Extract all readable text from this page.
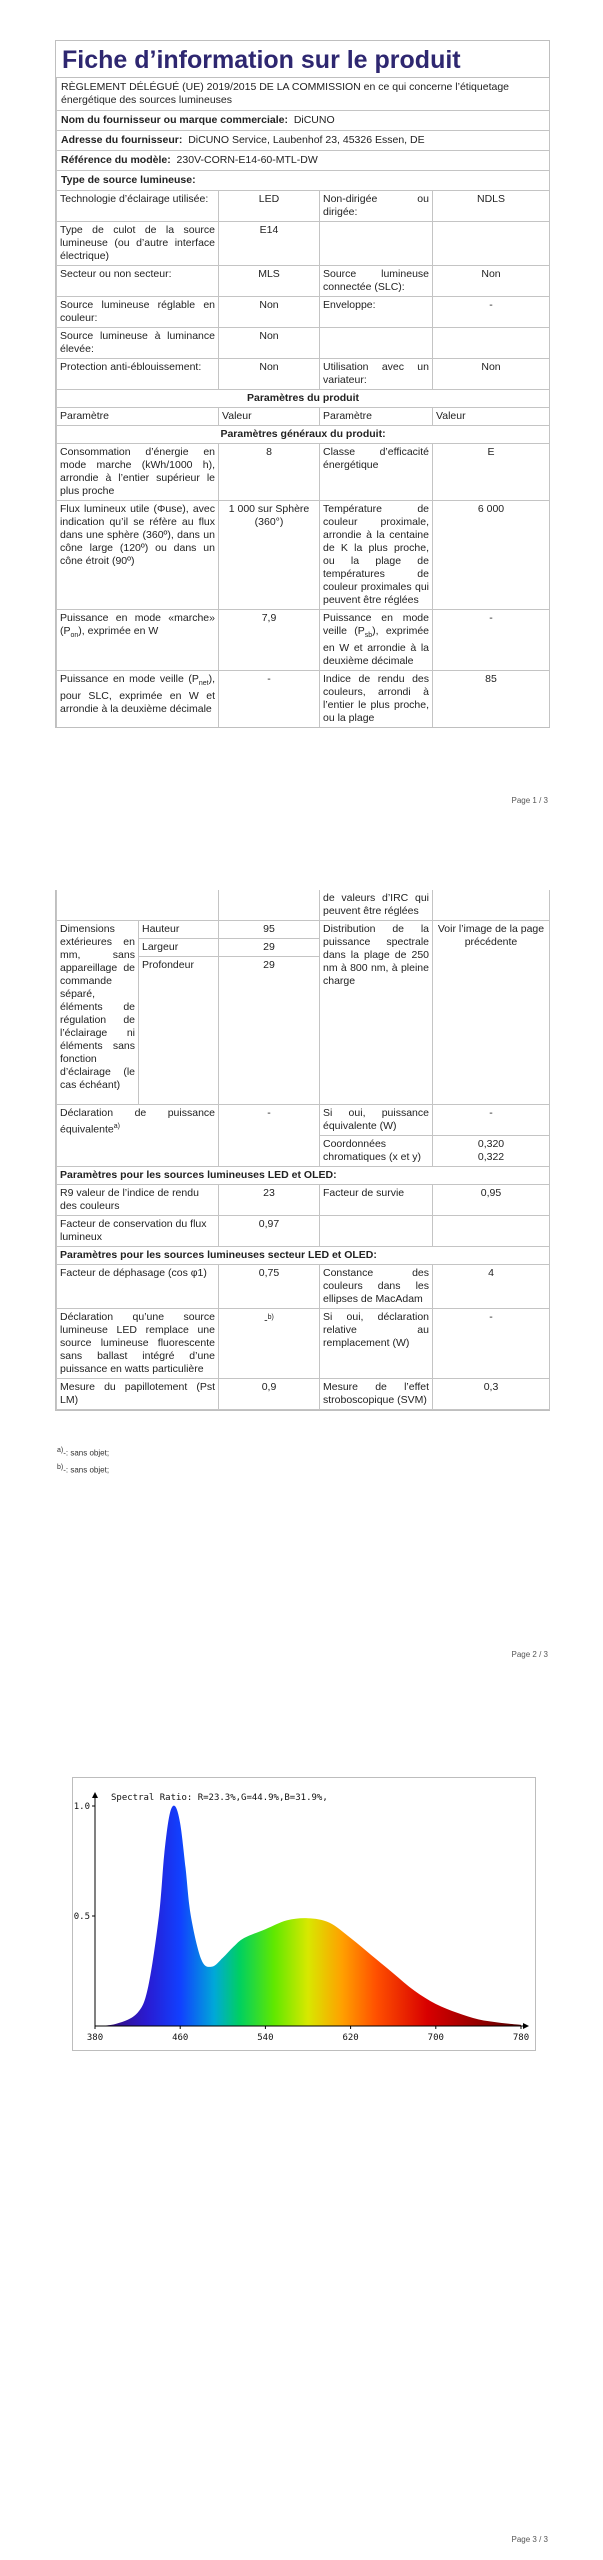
Fiche d’information sur le produit
RÈGLEMENT DÉLÉGUÉ (UE) 2019/2015 DE LA COMMISSION en ce qui concerne l’étiquetage énergétique des sources lumineuses			
Nom du fournisseur ou marque commerciale: DiCUNO			
Adresse du fournisseur: DiCUNO Service, Laubenhof 23, 45326 Essen, DE			
Référence du modèle: 230V-CORN-E14-60-MTL-DW			
Type de source lumineuse:			
Technologie d’éclairage utilisée:	LED	Non-dirigée ou dirigée:	NDLS
Type de culot de la source lumineuse (ou d’autre interface électrique)	E14		
Secteur ou non secteur:	MLS	Source lumineuse connectée (SLC):	Non
Source lumineuse réglable en couleur:	Non	Enveloppe:	-
Source lumineuse à luminance élevée:	Non		
Protection anti-éblouissement:	Non	Utilisation avec un variateur:	Non
Paramètres du produit			
Paramètre	Valeur	Paramètre	Valeur
Paramètres généraux du produit:			
Consommation d’énergie en mode marche (kWh/1000 h), arrondie à l’entier supérieur le plus proche	8	Classe d’efficacité énergétique	E
Flux lumineux utile (Φuse), avec indication qu’il se réfère au flux dans une sphère (360º), dans un cône large (120º) ou dans un cône étroit (90º)	1 000 sur Sphère (360°)	Température de couleur proximale, arrondie à la centaine de K la plus proche, ou la plage de températures de couleur proximales qui peuvent être réglées	6 000
Puissance en mode «marche» $(P_{on})$, exprimée en W	7,9	Puissance en mode veille $(P_{sb})$, exprimée en W et arrondie à la deuxième décimale	-
Puissance en mode veille $(P_{net})$, pour SLC, exprimée en W et arrondie à la deuxième décimale	-	Indice de rendu des couleurs, arrondi à l’entier le plus proche, ou la plage	85
Page 1 / 3
			de valeurs d’IRC qui peuvent être réglées	
Dimensions extérieures en mm, sans appareillage de commande séparé, éléments de régulation de l’éclairage ni éléments sans fonction d’éclairage (le cas échéant)	Hauteur	95	Distribution de la puissance spectrale dans la plage de 250 nm à 800 nm, à pleine charge	Voir l’image de la page précédente
	Largeur	29		
	Profondeur	29		
Déclaration de puissance équivalente$^{a)}$		-	Si oui, puissance équivalente (W)	-
			Coordonnées chromatiques (x et y)	0,320
0,322

Paramètres pour les sources lumineuses LED et OLED:				
R9 valeur de l’indice de rendu des couleurs		23	Facteur de survie	0,95
Facteur de conservation du flux lumineux		0,97		
Paramètres pour les sources lumineuses secteur LED et OLED:				
Facteur de déphasage (cos φ1)		0,75	Constance des couleurs dans les ellipses de MacAdam	4
Déclaration qu’une source lumineuse LED remplace une source lumineuse fluorescente sans ballast intégré d’une puissance en watts particulière		-$^{b)}$	Si oui, déclaration relative au remplacement (W)	-
Mesure du papillotement (Pst LM)		0,9	Mesure de l’effet stroboscopique (SVM)	0,3
$^{a)}$-: sans objet;
$^{b)}$-: sans objet;
Page 2 / 3
380	460	540	620	700	780
0.5
1.0
Spectral Ratio: R=23.3%,G=44.9%,B=31.9%,
Page 3 / 3
